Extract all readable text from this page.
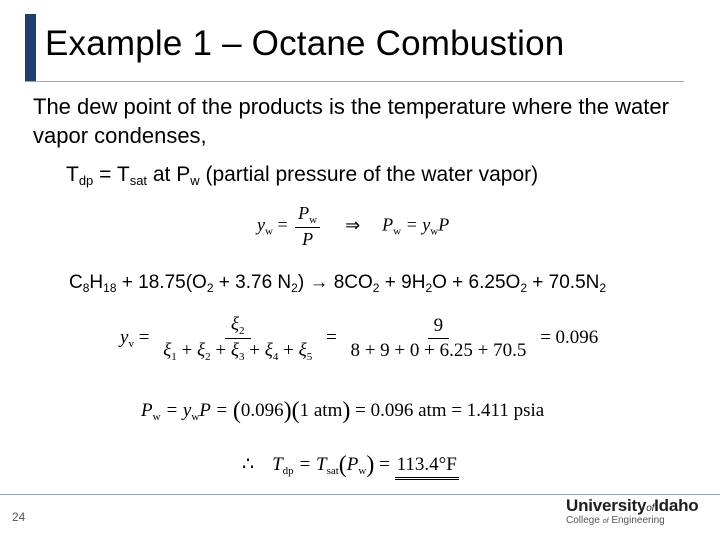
Example 1 – Octane Combustion
The dew point of the products is the temperature where the water vapor condenses,
$T_{dp} = T_{sat}$ at $P_w$ (partial pressure of the water vapor)
$y_w = \frac{P_w}{P}$ ⇒ $P_w = y_wP$
$C_8H_{18} + 18.75(O_2 + 3.76$ $N_2) \to 8CO_2 + 9H_2O + 6.25O_2 + 70.5N_2$
$y_v = \frac{\xi_2}{\xi_1 + \xi_2 + \xi_3 + \xi_4 + \xi_5} = \frac{9}{8 + 9 + 0 + 6.25 + 70.5} = 0.096$
$P_w = y_wP = (0.096)(1$ atm) = 0.096 atm = 1.411 psia
∴ $T_{dp} = T_{sat}(P_w) = 113.4^\circ F$
24
UniversityofIdaho
College of Engineering
